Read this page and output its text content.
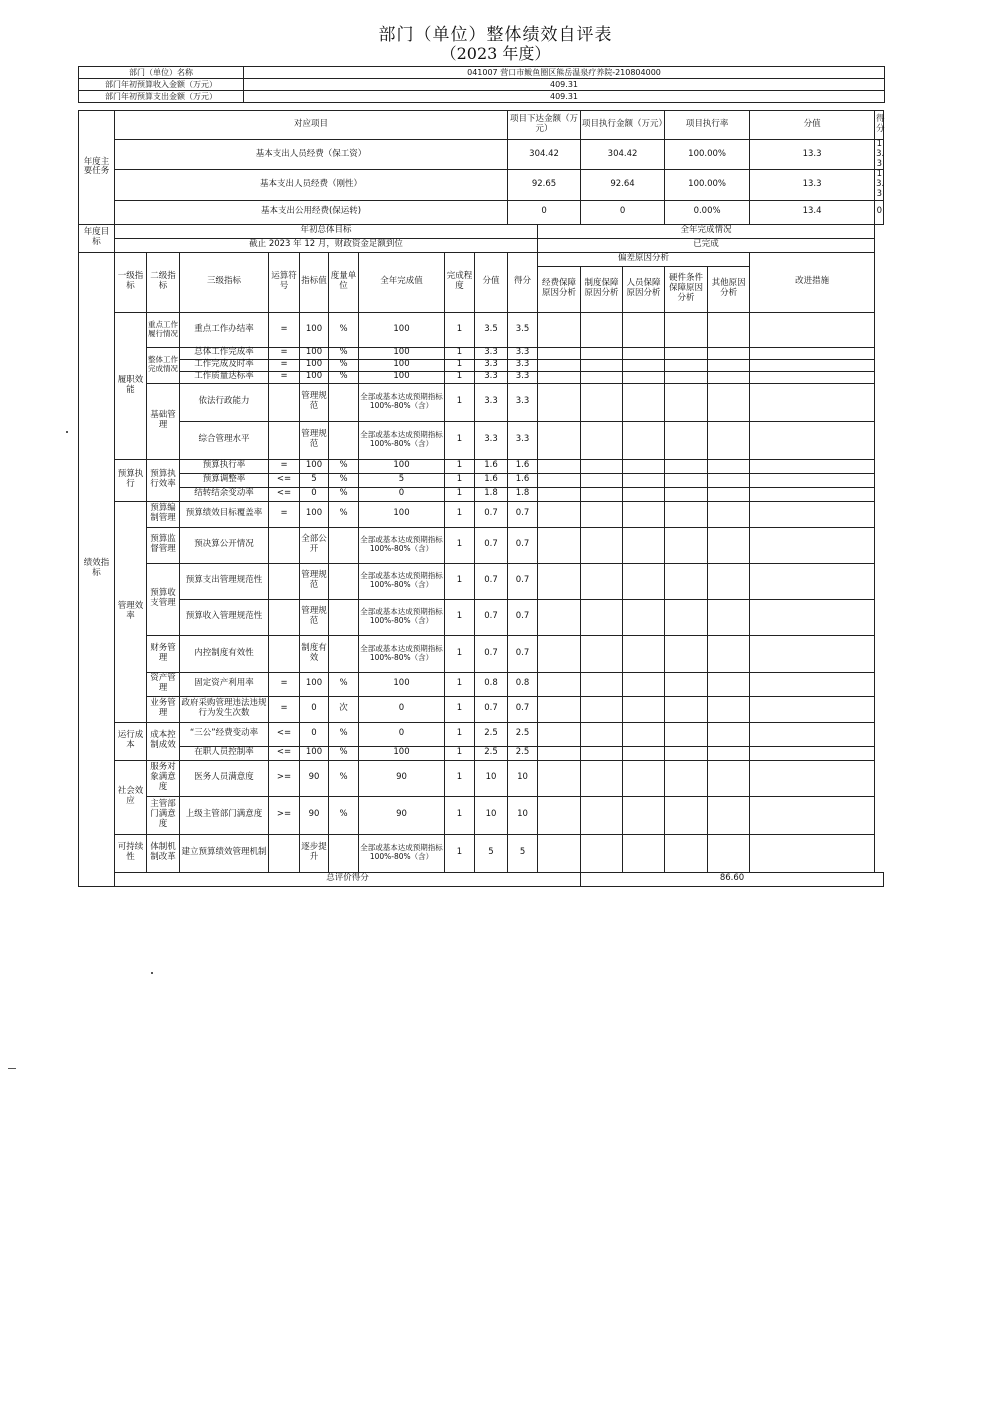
部门（单位）整体绩效自评表
（2023 年度）
部门（单位）名称	041007 营口市鲅鱼圈区熊岳温泉疗养院-210804000
部门年初预算收入金额（万元）	409.31
部门年初预算支出金额（万元）	409.31
年度主要任务	对应项目									项目下达金额（万元）		项目执行金额（万元）		项目执行率		分值	得分
	基本支出人员经费（保工资）									304.42		304.42		100.00%		13.3	13.3
	基本支出人员经费（刚性）									92.65		92.64		100.00%		13.3	13.3
	基本支出公用经费(保运转)									0		0		0.00%		13.4	0
年度目标	年初总体目标										全年完成情况						
	截止 2023 年 12 月，财政资金足额到位										已完成						
绩效指标	一级指标	二级指标	三级指标	运算符号	指标值	度量单位	全年完成值	完成程度	分值	得分	偏差原因分析					改进措施	
											经费保障原因分析	制度保障原因分析	人员保障原因分析	硬件条件保障原因分析	其他原因分析		
	履职效能	重点工作履行情况	重点工作办结率	=	100	%	100	1	3.5	3.5							
		整体工作完成情况	总体工作完成率	=	100	%	100	1	3.3	3.3							
			工作完成及时率	=	100	%	100	1	3.3	3.3							
			工作质量达标率	=	100	%	100	1	3.3	3.3							
		基础管理	依法行政能力		管理规范		全部或基本达成预期指标 100%-80%（含）	1	3.3	3.3							
			综合管理水平		管理规范		全部或基本达成预期指标 100%-80%（含）	1	3.3	3.3							
	预算执行	预算执行效率	预算执行率	=	100	%	100	1	1.6	1.6							
			预算调整率	<=	5	%	5	1	1.6	1.6							
			结转结余变动率	<=	0	%	0	1	1.8	1.8							
	管理效率	预算编制管理	预算绩效目标覆盖率	=	100	%	100	1	0.7	0.7							
		预算监督管理	预决算公开情况		全部公开		全部或基本达成预期指标 100%-80%（含）	1	0.7	0.7							
		预算收支管理	预算支出管理规范性		管理规范		全部或基本达成预期指标 100%-80%（含）	1	0.7	0.7							
			预算收入管理规范性		管理规范		全部或基本达成预期指标 100%-80%（含）	1	0.7	0.7							
		财务管理	内控制度有效性		制度有效		全部或基本达成预期指标 100%-80%（含）	1	0.7	0.7							
		资产管理	固定资产利用率	=	100	%	100	1	0.8	0.8							
		业务管理	政府采购管理违法违规行为发生次数	=	0	次	0	1	0.7	0.7							
	运行成本	成本控制成效	“三公”经费变动率	<=	0	%	0	1	2.5	2.5							
			在职人员控制率	<=	100	%	100	1	2.5	2.5							
	社会效应	服务对象满意度	医务人员满意度	>=	90	%	90	1	10	10							
		主管部门满意度	上级主管部门满意度	>=	90	%	90	1	10	10							
	可持续性	体制机制改革	建立预算绩效管理机制		逐步提升		全部或基本达成预期指标 100%-80%（含）	1	5	5							
	总评价得分											86.60					
